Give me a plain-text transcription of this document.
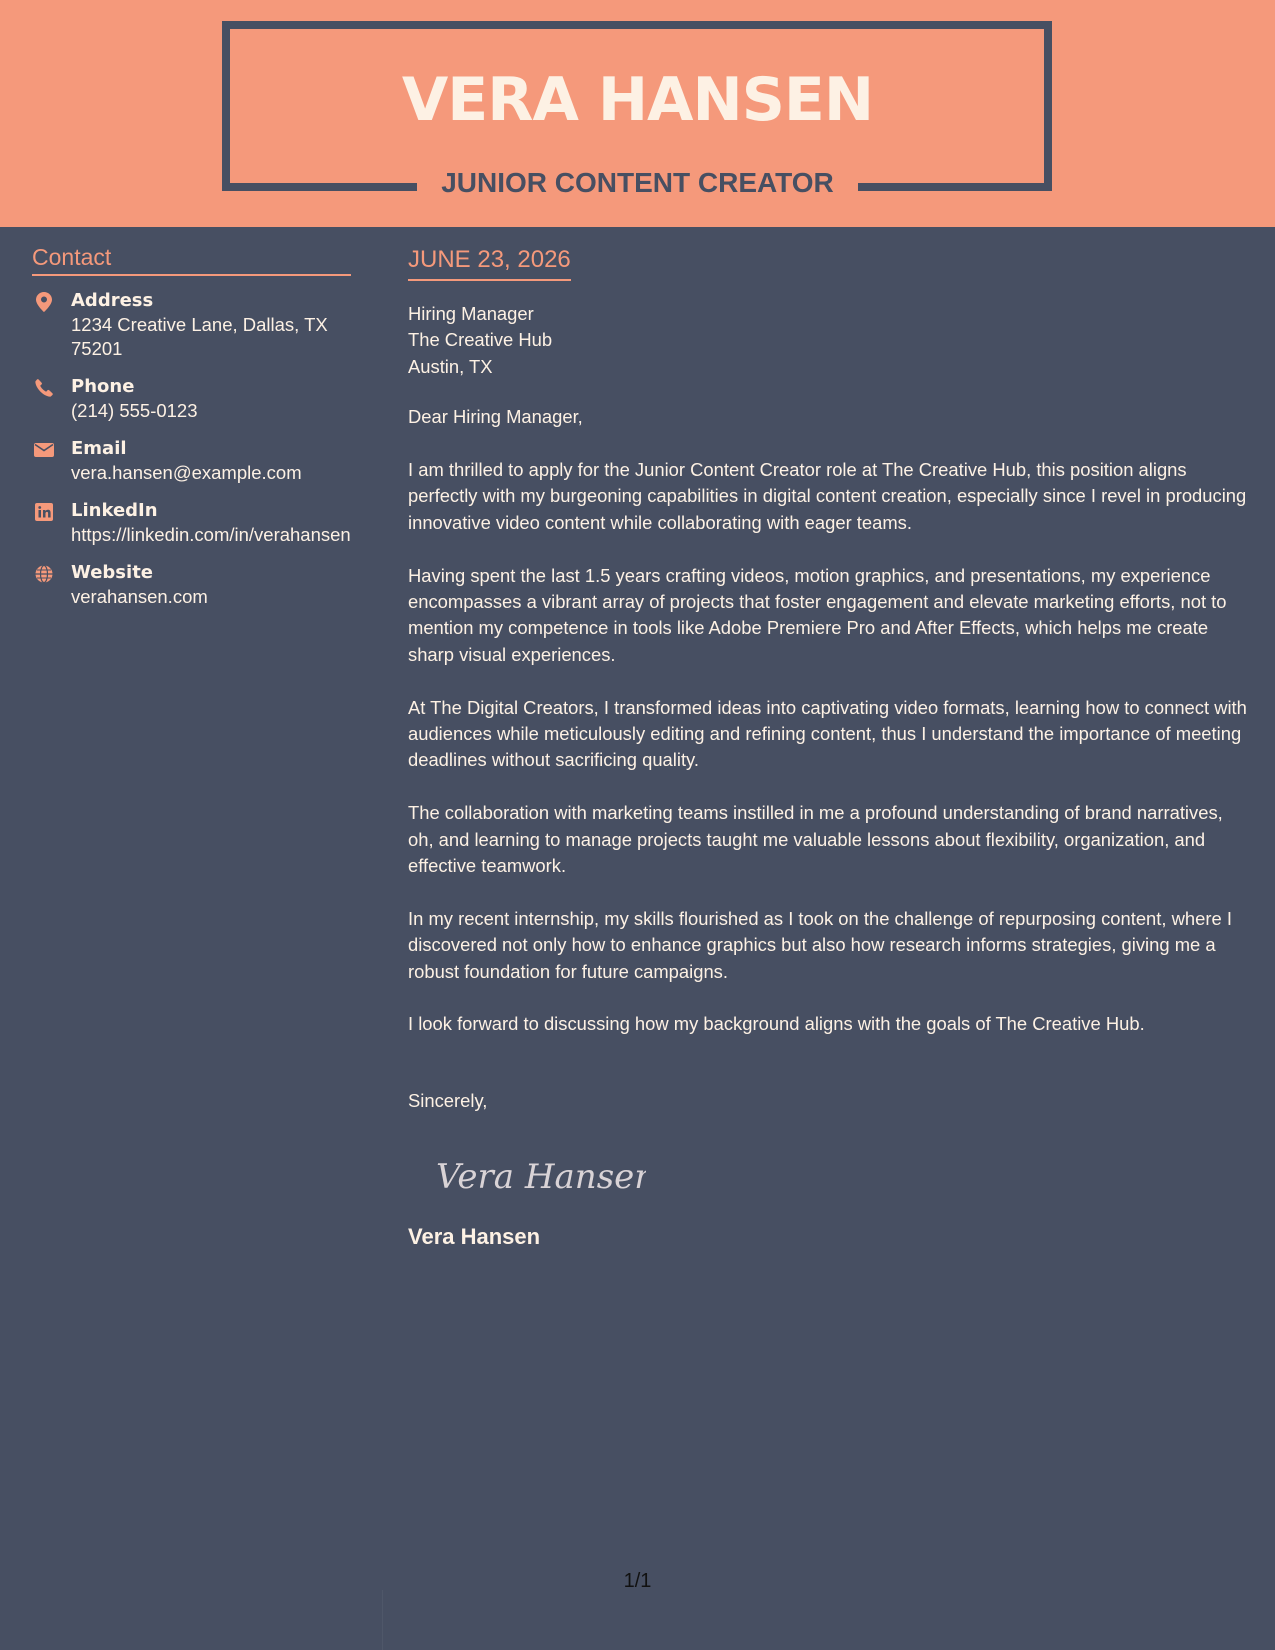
VERA HANSEN
JUNIOR CONTENT CREATOR
Contact
Address
1234 Creative Lane, Dallas, TX 75201
Phone
(214) 555-0123
Email
vera.hansen@example.com
LinkedIn
https://linkedin.com/in/verahansen
Website
verahansen.com
JUNE 23, 2026
Hiring Manager
The Creative Hub
Austin, TX
Dear Hiring Manager,

I am thrilled to apply for the Junior Content Creator role at The Creative Hub, this position aligns perfectly with my burgeoning capabilities in digital content creation, especially since I revel in producing innovative video content while collaborating with eager teams.

Having spent the last 1.5 years crafting videos, motion graphics, and presentations, my experience encompasses a vibrant array of projects that foster engagement and elevate marketing efforts, not to mention my competence in tools like Adobe Premiere Pro and After Effects, which helps me create sharp visual experiences.

At The Digital Creators, I transformed ideas into captivating video formats, learning how to connect with audiences while meticulously editing and refining content, thus I understand the importance of meeting deadlines without sacrificing quality.

The collaboration with marketing teams instilled in me a profound understanding of brand narratives, oh, and learning to manage projects taught me valuable lessons about flexibility, organization, and effective teamwork.

In my recent internship, my skills flourished as I took on the challenge of repurposing content, where I discovered not only how to enhance graphics but also how research informs strategies, giving me a robust foundation for future campaigns.

I look forward to discussing how my background aligns with the goals of The Creative Hub.

Sincerely,
Vera Hansen
Vera Hansen
1/1
